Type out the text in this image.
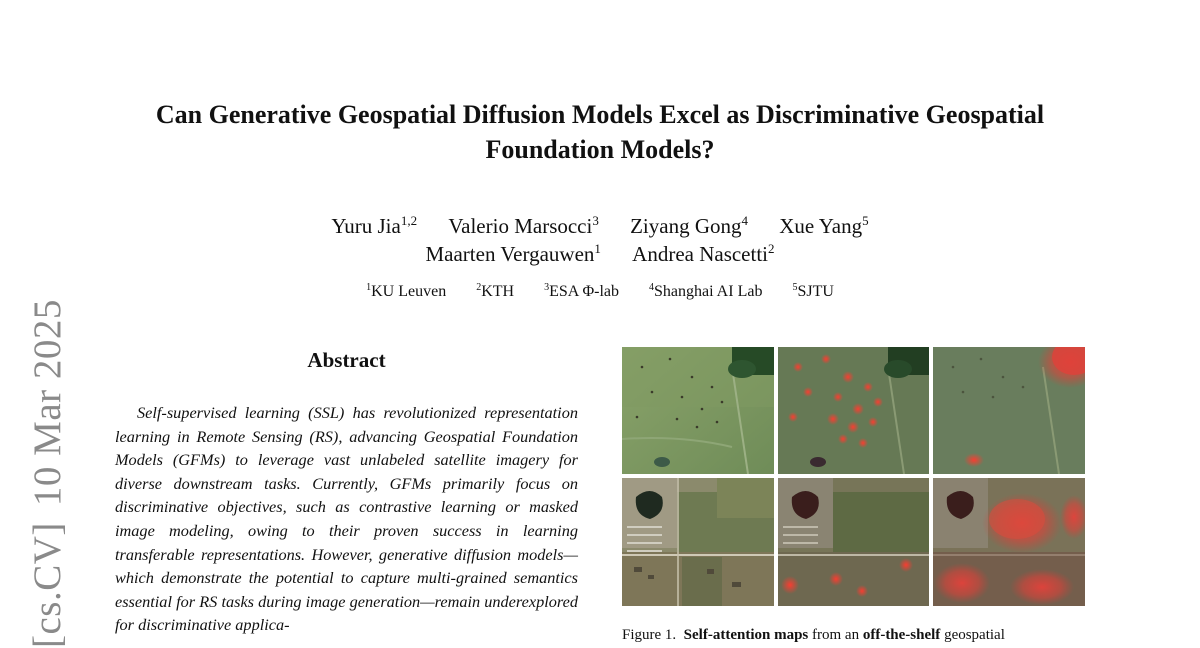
[cs.CV]10 Mar 2025
Can Generative Geospatial Diffusion Models Excel as Discriminative Geospatial Foundation Models?
Yuru Jia$^{1,2}$ Valerio Marsocci$^3$ Ziyang Gong$^4$ Xue Yang$^5$
Maarten Vergauwen$^1$ Andrea Nascetti$^2$
$^1$KU Leuven	$^2$KTH	$^3$ESA Φ-lab	$^4$Shanghai AI Lab	$^5$SJTU
Abstract
Self-supervised learning (SSL) has revolutionized representation learning in Remote Sensing (RS), advancing Geospatial Foundation Models (GFMs) to leverage vast unlabeled satellite imagery for diverse downstream tasks. Currently, GFMs primarily focus on discriminative objectives, such as contrastive learning or masked image modeling, owing to their proven success in learning transferable representations. However, generative diffusion models—which demonstrate the potential to capture multi-grained semantics essential for RS tasks during image generation—remain underexplored for discriminative applica-
Figure 1. Self-attention maps from an off-the-shelf geospatial
